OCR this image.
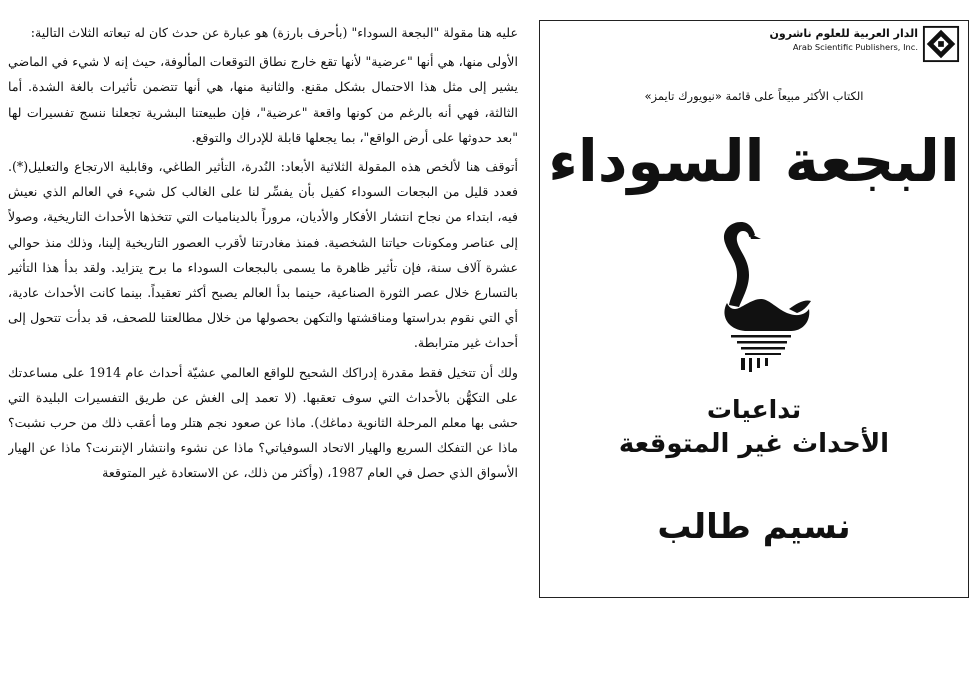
عليه هنا مقولة "البجعة السوداء" (بأحرف بارزة) هو عبارة عن حدث كان له تبعاته الثلاث التالية:

الأولى منها، هي أنها "عرضية" لأنها تقع خارج نطاق التوقعات المألوفة، حيث إنه لا شيء في الماضي يشير إلى مثل هذا الاحتمال بشكل مقنع. والثانية منها، هي أنها تتضمن تأثيرات بالغة الشدة. أما الثالثة، فهي أنه بالرغم من كونها واقعة "عرضية"، فإن طبيعتنا البشرية تجعلنا ننسج تفسيرات لها "بعد حدوثها على أرض الواقع"، بما يجعلها قابلة للإدراك والتوقع.

أتوقف هنا لألخص هذه المقولة الثلاثية الأبعاد: النُدرة، التأثير الطاغي، وقابلية الارتجاع والتعليل(*). فعدد قليل من البجعات السوداء كفيل بأن يفسِّر لنا على الغالب كل شيء في العالم الذي نعيش فيه، ابتداء من نجاح انتشار الأفكار والأديان، مروراً بالديناميات التي تتخذها الأحداث التاريخية، وصولاً إلى عناصر ومكونات حياتنا الشخصية. فمنذ مغادرتنا لأقرب العصور التاريخية إلينا، وذلك منذ حوالي عشرة آلاف سنة، فإن تأثير ظاهرة ما يسمى بالبجعات السوداء ما برح يتزايد. ولقد بدأ هذا التأثير بالتسارع خلال عصر الثورة الصناعية، حينما بدأ العالم يصبح أكثر تعقيداً. بينما كانت الأحداث عادية، أي التي نقوم بدراستها ومناقشتها والتكهن بحصولها من خلال مطالعتنا للصحف، قد بدأت تتحول إلى أحداث غير مترابطة.

ولك أن تتخيل فقط مقدرة إدراكك الشحيح للواقع العالمي عشيّة أحداث عام 1914 على مساعدتك على التكهُّن بالأحداث التي سوف تعقبها. (لا تعمد إلى الغش عن طريق التفسيرات البليدة التي حشى بها معلم المرحلة الثانوية دماغك). ماذا عن صعود نجم هتلر وما أعقب ذلك من حرب نشبت؟ ماذا عن التفكك السريع والهيار الاتحاد السوفياتي؟ ماذا عن نشوء وانتشار الإنترنت؟ ماذا عن الهيار الأسواق الذي حصل في العام 1987، (وأكثر من ذلك، عن الاستعادة غير المتوقعة

الدار العربية للعلوم ناشرون
Arab Scientific Publishers, Inc.
الكتاب الأكثر مبيعاً على قائمة «نيويورك تايمز»
البجعة السوداء
تداعيات
الأحداث غير المتوقعة
نسيم طالب
